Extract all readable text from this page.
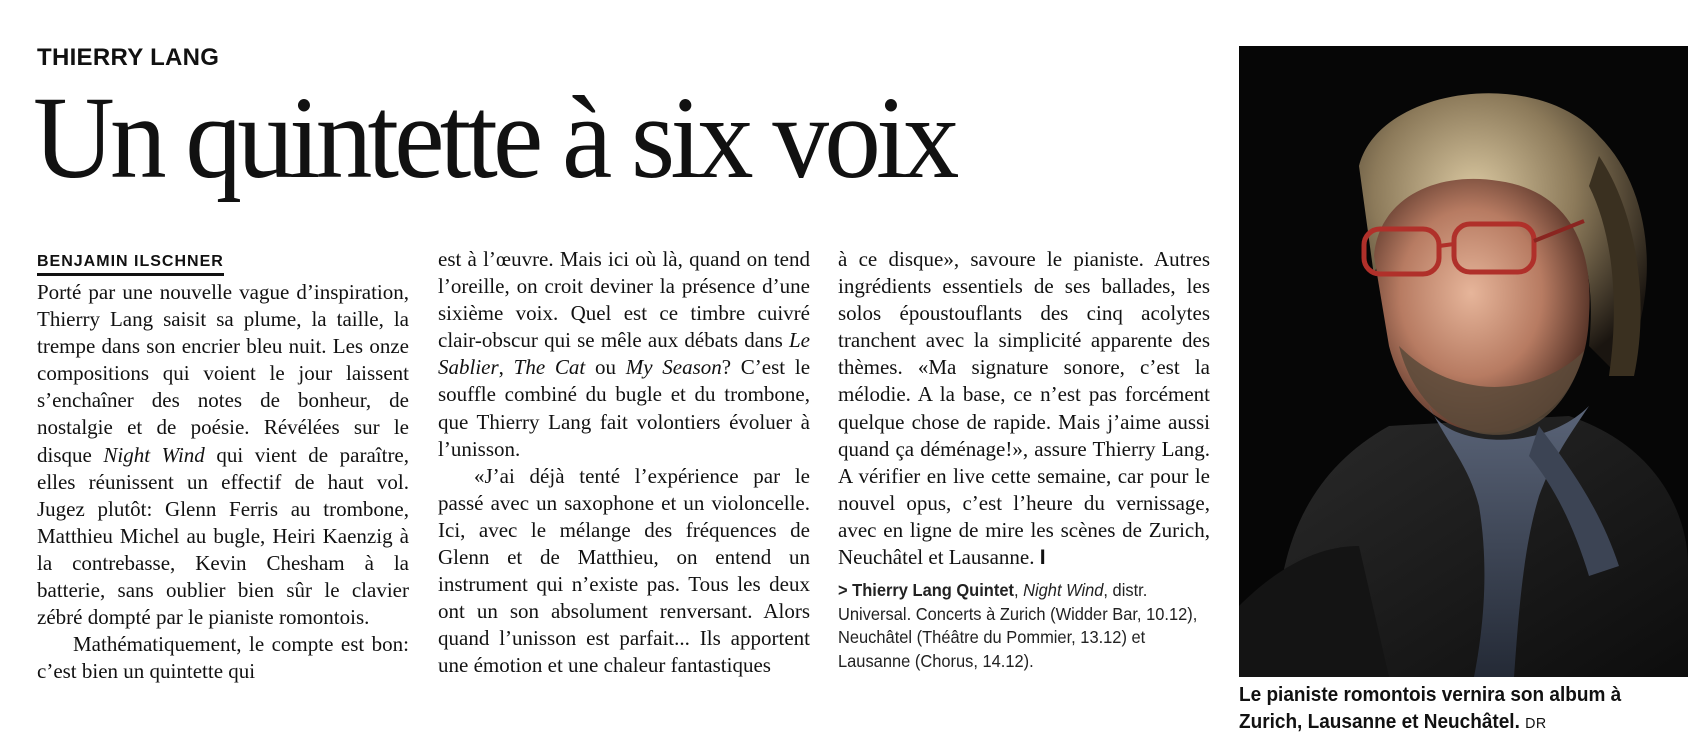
THIERRY LANG
Un quintette à six voix
BENJAMIN ILSCHNER

Porté par une nouvelle vague d’inspiration, Thierry Lang saisit sa plume, la taille, la trempe dans son encrier bleu nuit. Les onze compositions qui voient le jour laissent s’enchaîner des notes de bonheur, de nostalgie et de poésie. Révélées sur le disque Night Wind qui vient de paraître, elles réunissent un effectif de haut vol. Jugez plutôt: Glenn Ferris au trombone, Matthieu Michel au bugle, Heiri Kaenzig à la contrebasse, Kevin Chesham à la batterie, sans oublier bien sûr le clavier zébré dompté par le pianiste romontois.

Mathématiquement, le compte est bon: c’est bien un quintette qui

est à l’œuvre. Mais ici où là, quand on tend l’oreille, on croit deviner la présence d’une sixième voix. Quel est ce timbre cuivré clair-obscur qui se mêle aux débats dans Le Sablier, The Cat ou My Season? C’est le souffle combiné du bugle et du trombone, que Thierry Lang fait volontiers évoluer à l’unisson.

«J’ai déjà tenté l’expérience par le passé avec un saxophone et un violoncelle. Ici, avec le mélange des fréquences de Glenn et de Matthieu, on entend un instrument qui n’existe pas. Tous les deux ont un son absolument renversant. Alors quand l’unisson est parfait... Ils apportent une émotion et une chaleur fantastiques

à ce disque», savoure le pianiste. Autres ingrédients essentiels de ses ballades, les solos époustouflants des cinq acolytes tranchent avec la simplicité apparente des thèmes. «Ma signature sonore, c’est la mélodie. A la base, ce n’est pas forcément quelque chose de rapide. Mais j’aime aussi quand ça déménage!», assure Thierry Lang. A vérifier en live cette semaine, car pour le nouvel opus, c’est l’heure du vernissage, avec en ligne de mire les scènes de Zurich, Neuchâtel et Lausanne. I

> Thierry Lang Quintet, Night Wind, distr. Universal. Concerts à Zurich (Widder Bar, 10.12), Neuchâtel (Théâtre du Pommier, 13.12) et Lausanne (Chorus, 14.12).
Le pianiste romontois vernira son album à Zurich, Lausanne et Neuchâtel. DR
